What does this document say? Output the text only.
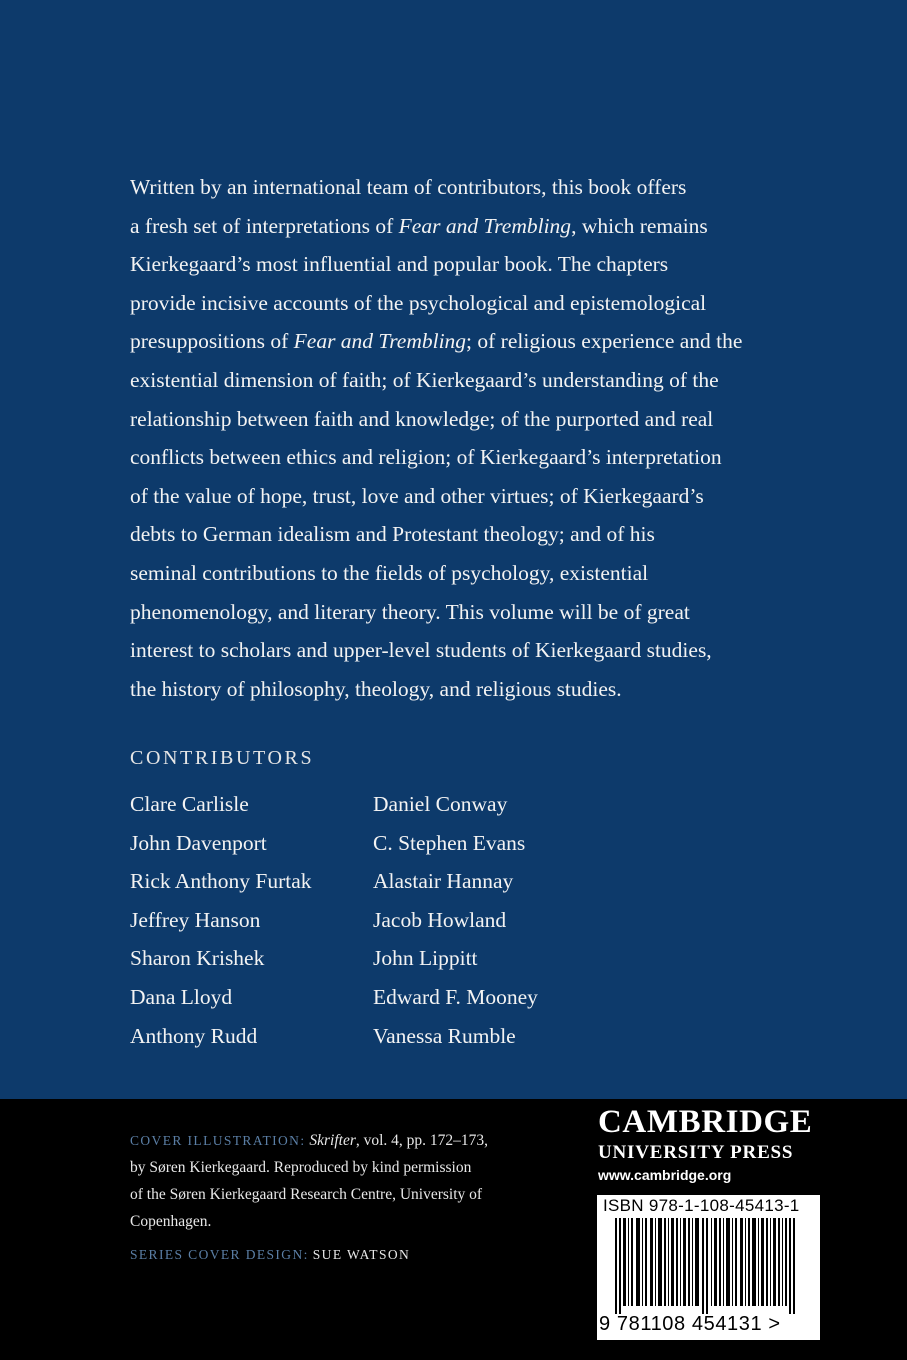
Written by an international team of contributors, this book offers
a fresh set of interpretations of Fear and Trembling, which remains
Kierkegaard’s most influential and popular book. The chapters
provide incisive accounts of the psychological and epistemological
presuppositions of Fear and Trembling; of religious experience and the
existential dimension of faith; of Kierkegaard’s understanding of the
relationship between faith and knowledge; of the purported and real
conflicts between ethics and religion; of Kierkegaard’s interpretation
of the value of hope, trust, love and other virtues; of Kierkegaard’s
debts to German idealism and Protestant theology; and of his
seminal contributions to the fields of psychology, existential
phenomenology, and literary theory. This volume will be of great
interest to scholars and upper-level students of Kierkegaard studies,
the history of philosophy, theology, and religious studies.
CONTRIBUTORS
Clare Carlisle
John Davenport
Rick Anthony Furtak
Jeffrey Hanson
Sharon Krishek
Dana Lloyd
Anthony Rudd
Daniel Conway
C. Stephen Evans
Alastair Hannay
Jacob Howland
John Lippitt
Edward F. Mooney
Vanessa Rumble
COVER ILLUSTRATION: Skrifter, vol. 4, pp. 172–173,
by Søren Kierkegaard. Reproduced by kind permission
of the Søren Kierkegaard Research Centre, University of
Copenhagen.
SERIES COVER DESIGN: SUE WATSON
CAMBRIDGE
UNIVERSITY PRESS
www.cambridge.org
ISBN 978-1-108-45413-1
9 781108 454131 >
